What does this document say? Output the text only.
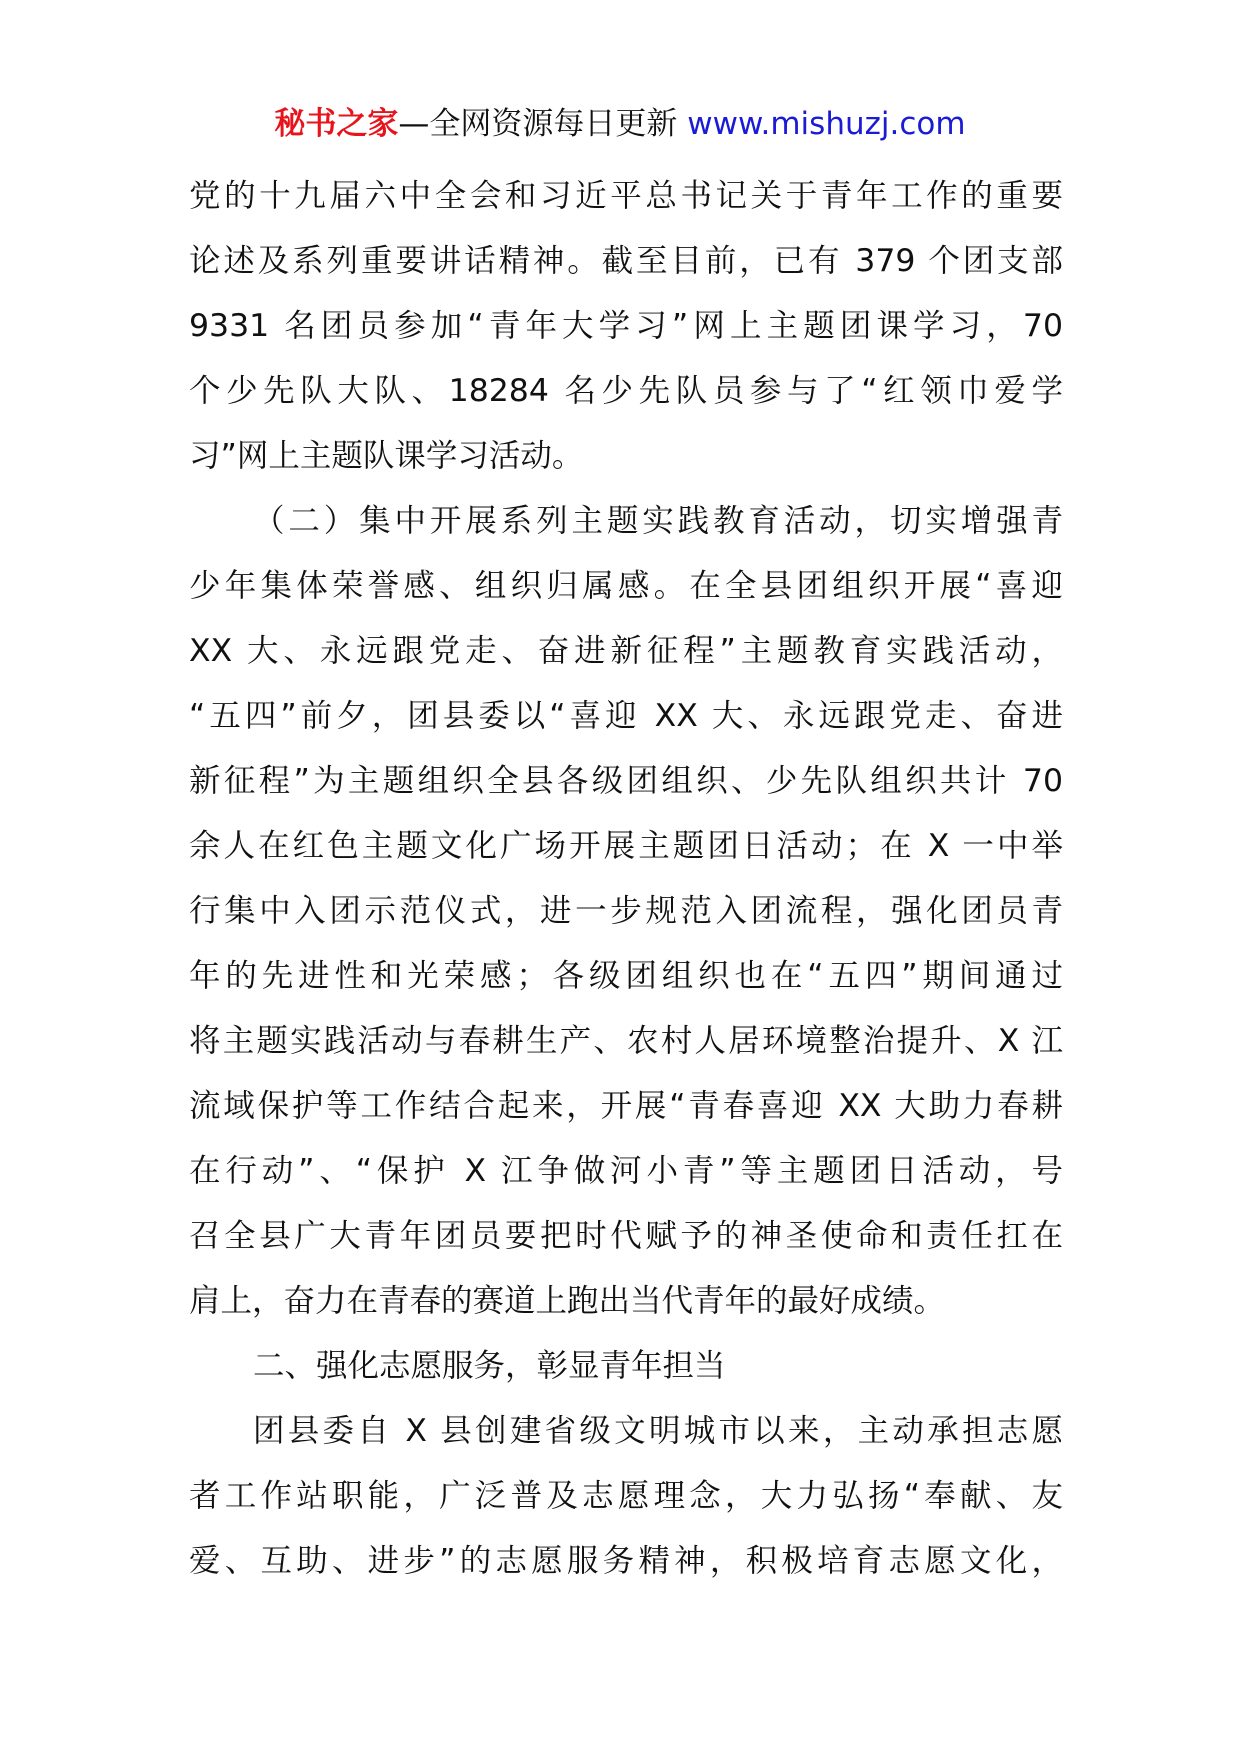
秘书之家—全网资源每日更新 www.mishuzj.com
党的十九届六中全会和习近平总书记关于青年工作的重要
论述及系列重要讲话精神。截至目前，已有 379 个团支部
9331 名团员参加“青年大学习”网上主题团课学习，70
个少先队大队、18284 名少先队员参与了“红领巾爱学
习”网上主题队课学习活动。
（二）集中开展系列主题实践教育活动，切实增强青
少年集体荣誉感、组织归属感。在全县团组织开展“喜迎
XX 大、永远跟党走、奋进新征程”主题教育实践活动，
“五四”前夕，团县委以“喜迎 XX 大、永远跟党走、奋进
新征程”为主题组织全县各级团组织、少先队组织共计 70
余人在红色主题文化广场开展主题团日活动；在 X 一中举
行集中入团示范仪式，进一步规范入团流程，强化团员青
年的先进性和光荣感；各级团组织也在“五四”期间通过
将主题实践活动与春耕生产、农村人居环境整治提升、X 江
流域保护等工作结合起来，开展“青春喜迎 XX 大助力春耕
在行动”、“保护 X 江争做河小青”等主题团日活动，号
召全县广大青年团员要把时代赋予的神圣使命和责任扛在
肩上，奋力在青春的赛道上跑出当代青年的最好成绩。
二、强化志愿服务，彰显青年担当
团县委自 X 县创建省级文明城市以来，主动承担志愿
者工作站职能，广泛普及志愿理念，大力弘扬“奉献、友
爱、互助、进步”的志愿服务精神，积极培育志愿文化，
